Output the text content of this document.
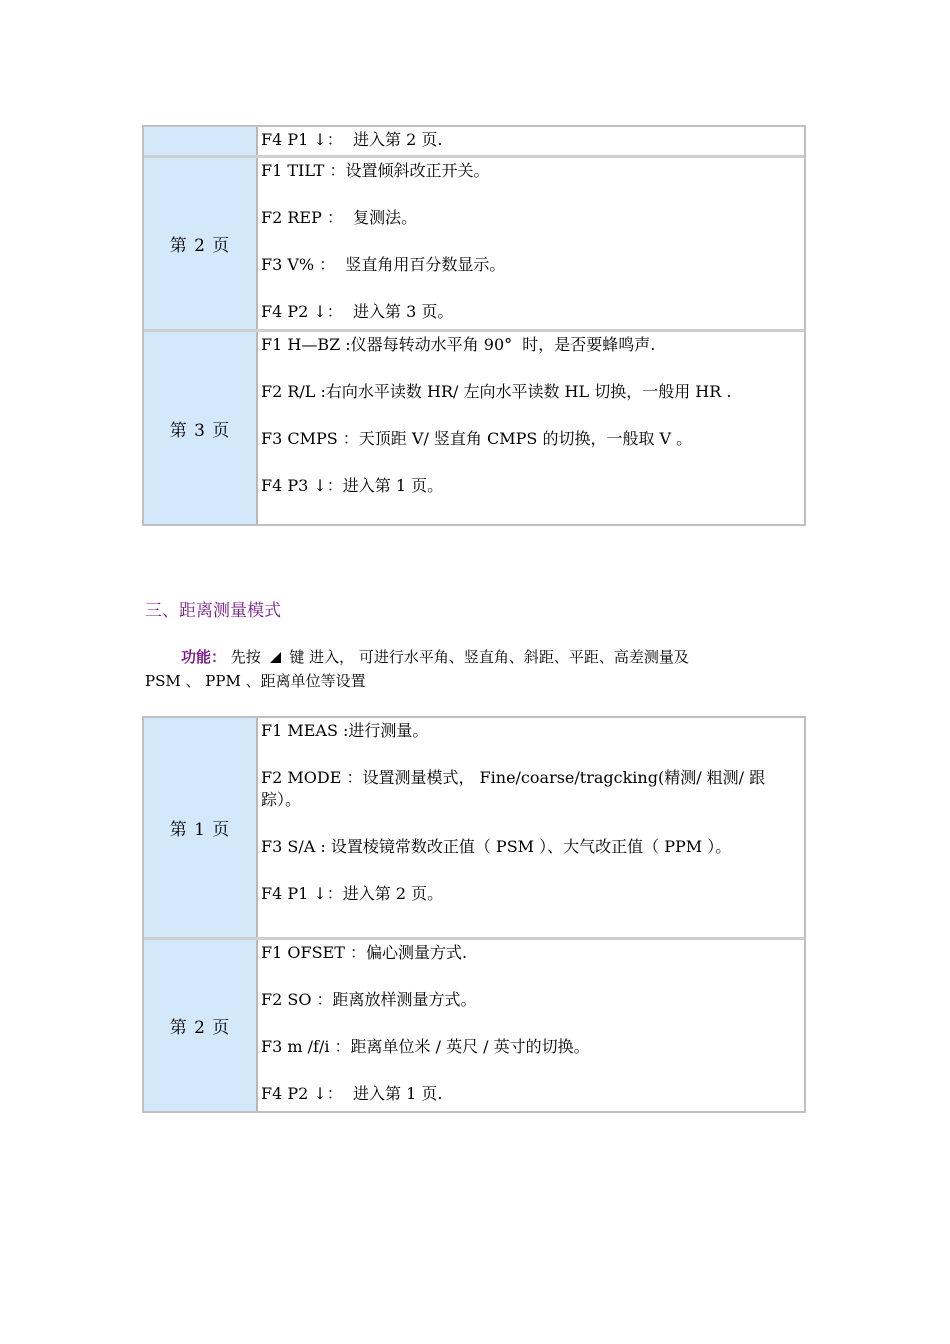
F4 P1 ↓：  进入第 2 页.
第 2 页
F1 TILT ：设置倾斜改正开关。
F2 REP ：  复测法。
F3 V% ：  竖直角用百分数显示。
F4 P2 ↓：  进入第 3 页。
第 3 页
F1 H—BZ :仪器每转动水平角 90°  时，是否要蜂鸣声.
F2 R/L :右向水平读数 HR/ 左向水平读数 HL 切换，一般用 HR .
F3 CMPS ：天顶距 V/ 竖直角 CMPS 的切换，一般取 V 。
F4 P3 ↓：进入第 1 页。
三、距离测量模式
功能： 先按 键 进入， 可进行水平角、竖直角、斜距、平距、高差测量及
PSM 、 PPM 、距离单位等设置
第 1 页
F1 MEAS :进行测量。
F2 MODE ：设置测量模式， Fine/coarse/tragcking(精测/ 粗测/ 跟踪）。
F3 S/A : 设置棱镜常数改正值（ PSM ）、大气改正值（ PPM ）。
F4 P1 ↓：进入第 2 页。
第 2 页
F1 OFSET ：偏心测量方式.
F2 SO ：距离放样测量方式。
F3 m /f/i ：距离单位米 / 英尺 / 英寸的切换。
F4 P2 ↓：  进入第 1 页.
